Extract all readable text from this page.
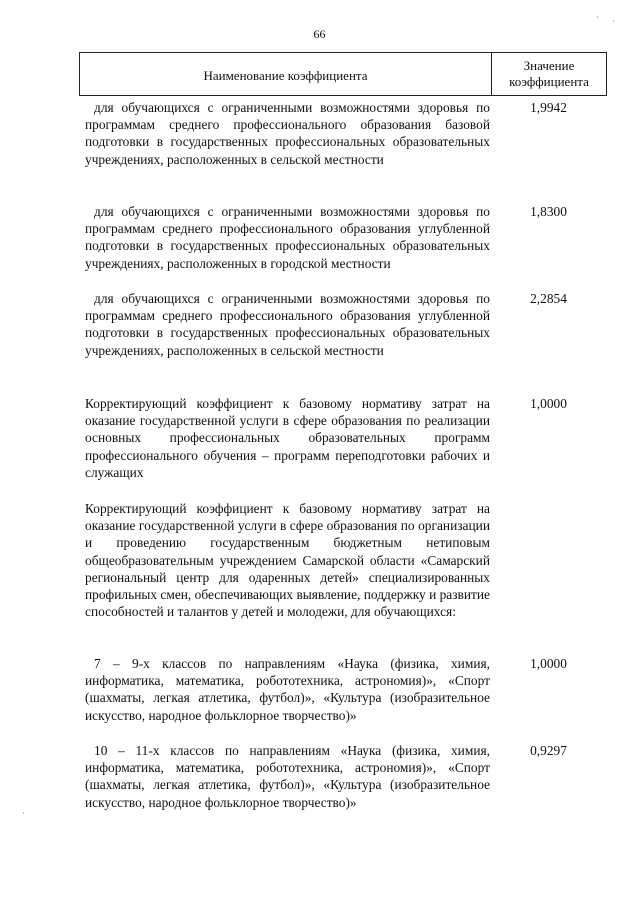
66
Наименование коэффициента
Значение
коэффициента
для обучающихся с ограниченными возможностями здоровья по программам среднего профессионального образования базовой подготовки в государственных профессиональных образовательных учреждениях, расположенных в сельской местности
1,9942
для обучающихся с ограниченными возможностями здоровья по программам среднего профессионального образования углубленной подготовки в государственных профессиональных образовательных учреждениях, расположенных в городской местности
1,8300
для обучающихся с ограниченными возможностями здоровья по программам среднего профессионального образования углубленной подготовки в государственных профессиональных образовательных учреждениях, расположенных в сельской местности
2,2854
Корректирующий коэффициент к базовому нормативу затрат на оказание государственной услуги в сфере образования по реализации основных профессиональных образовательных программ профессионального обучения – программ переподготовки рабочих и служащих
1,0000
Корректирующий коэффициент к базовому нормативу затрат на оказание государственной услуги в сфере образования по организации и проведению государственным бюджетным нетиповым общеобразовательным учреждением Самарской области «Самарский региональный центр для одаренных детей» специализированных профильных смен, обеспечивающих выявление, поддержку и развитие способностей и талантов у детей и молодежи, для обучающихся:
7 – 9-х классов по направлениям «Наука (физика, химия, информатика, математика, робототехника, астрономия)», «Спорт (шахматы, легкая атлетика, футбол)», «Культура (изобразительное искусство, народное фольклорное творчество)»
1,0000
10 – 11-х классов по направлениям «Наука (физика, химия, информатика, математика, робототехника, астрономия)», «Спорт (шахматы, легкая атлетика, футбол)», «Культура (изобразительное искусство, народное фольклорное творчество)»
0,9297
· ·
·
